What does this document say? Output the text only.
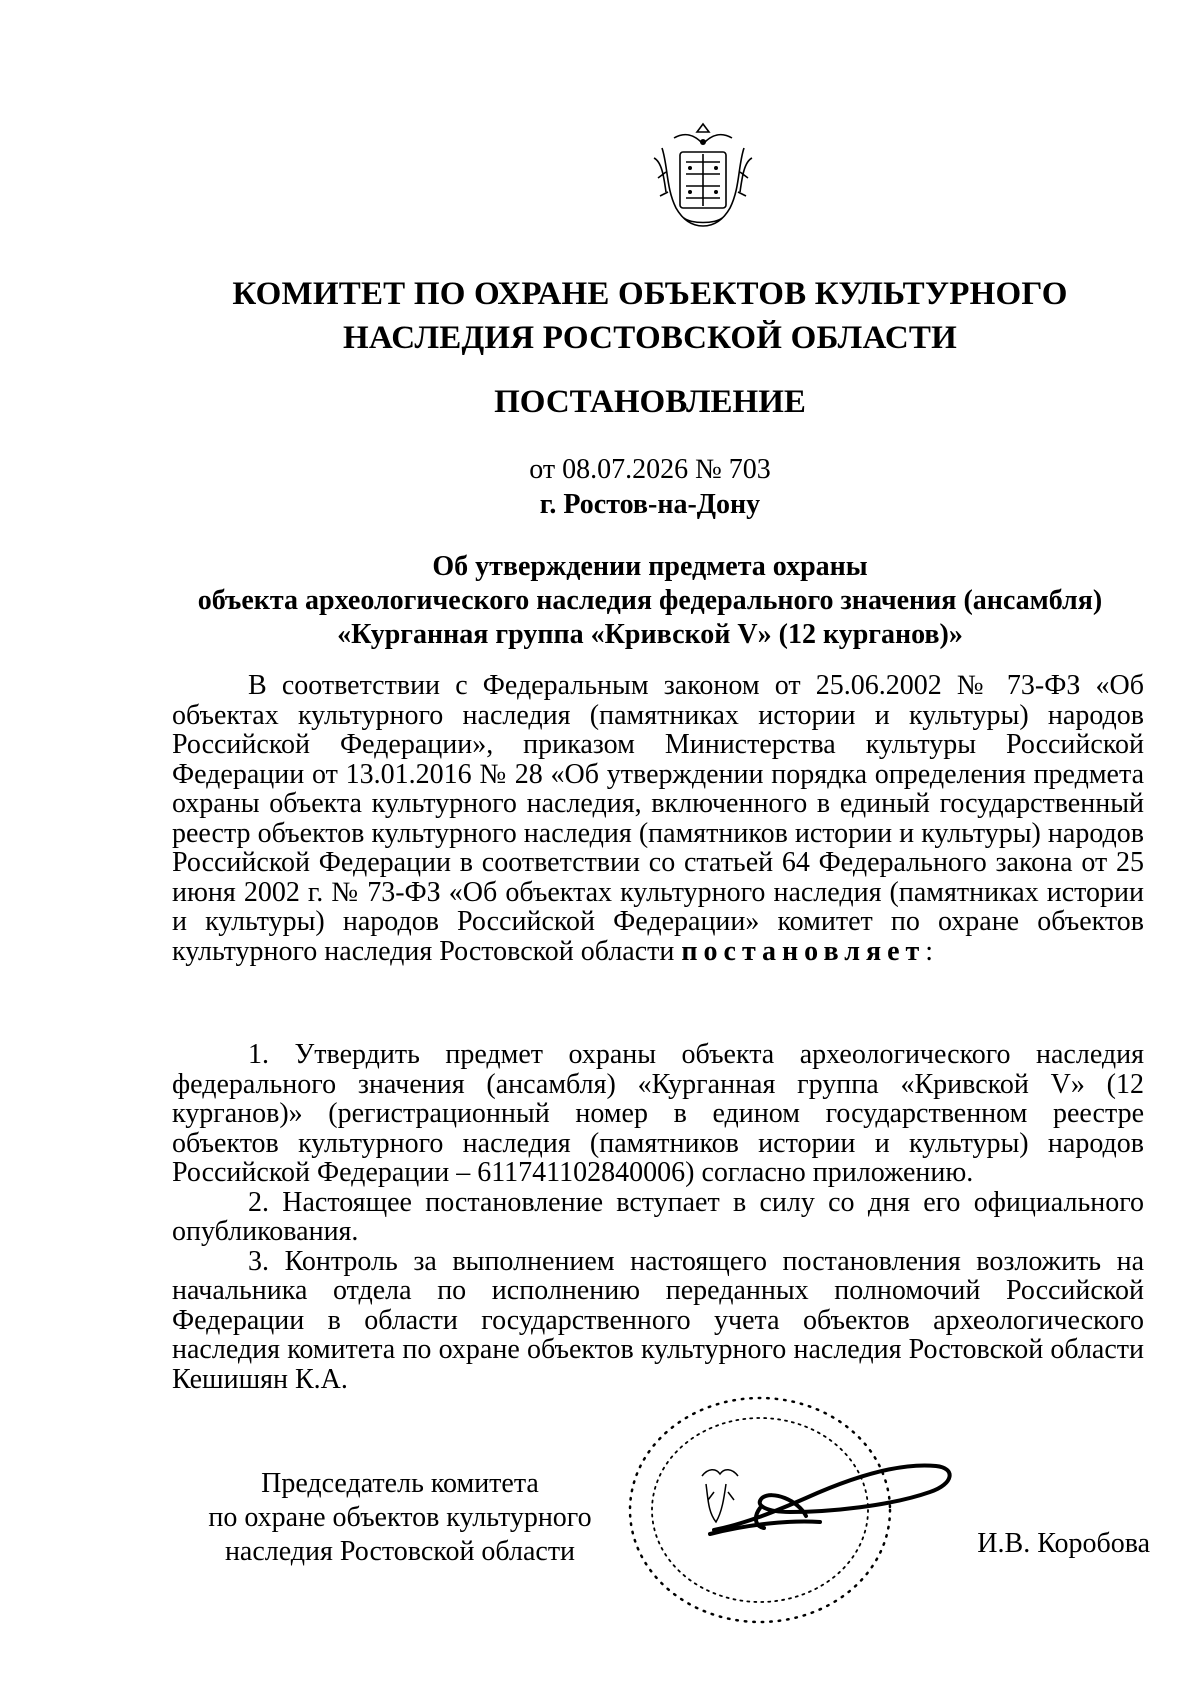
КОМИТЕТ ПО ОХРАНЕ ОБЪЕКТОВ КУЛЬТУРНОГО
НАСЛЕДИЯ РОСТОВСКОЙ ОБЛАСТИ
ПОСТАНОВЛЕНИЕ
от 08.07.2026 № 703
г. Ростов-на-Дону
Об утверждении предмета охраны
объекта археологического наследия федерального значения (ансамбля)
«Курганная группа «Кривской V» (12 курганов)»

В соответствии с Федеральным законом от 25.06.2002 № 73-ФЗ «Об объектах культурного наследия (памятниках истории и культуры) народов Российской Федерации», приказом Министерства культуры Российской Федерации от 13.01.2016 № 28 «Об утверждении порядка определения предмета охраны объекта культурного наследия, включенного в единый государственный реестр объектов культурного наследия (памятников истории и культуры) народов Российской Федерации в соответствии со статьей 64 Федерального закона от 25 июня 2002 г. № 73-ФЗ «Об объектах культурного наследия (памятниках истории и культуры) народов Российской Федерации» комитет по охране объектов культурного наследия Ростовской области постановляет:

1. Утвердить предмет охраны объекта археологического наследия федерального значения (ансамбля) «Курганная группа «Кривской V» (12 курганов)» (регистрационный номер в едином государственном реестре объектов культурного наследия (памятников истории и культуры) народов Российской Федерации – 611741102840006) согласно приложению.

2. Настоящее постановление вступает в силу со дня его официального опубликования.

3. Контроль за выполнением настоящего постановления возложить на начальника отдела по исполнению переданных полномочий Российской Федерации в области государственного учета объектов археологического наследия комитета по охране объектов культурного наследия Ростовской области Кешишян К.А.

Председатель комитета
по охране объектов культурного
наследия Ростовской области	И.В. Коробова
